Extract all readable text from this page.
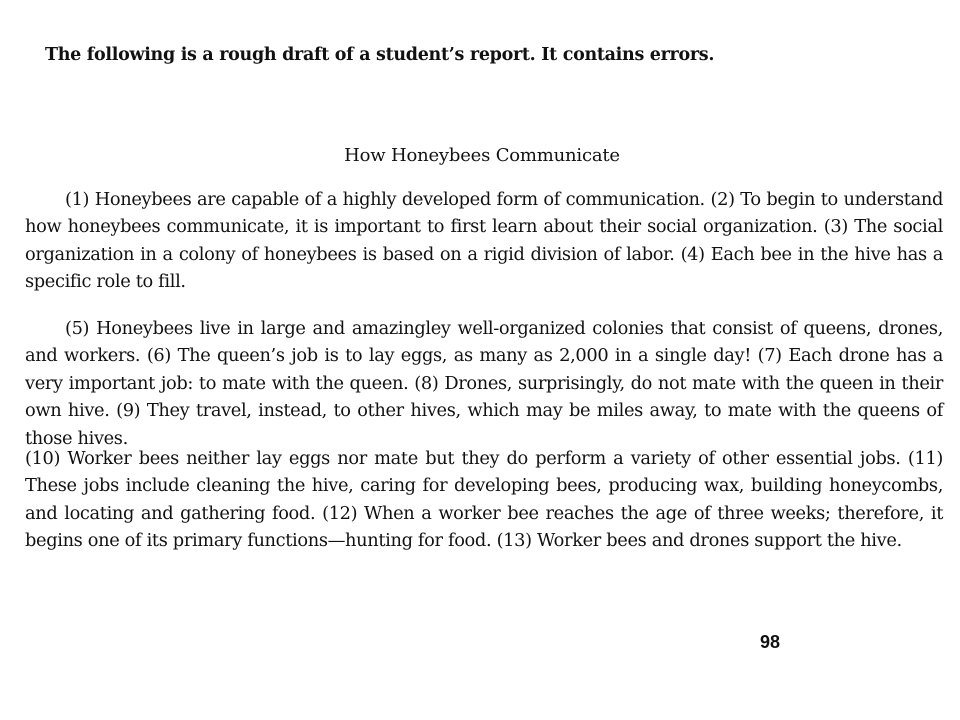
The following is a rough draft of a student’s report. It contains errors.
How Honeybees Communicate

(1) Honeybees are capable of a highly developed form of communication. (2) To begin to understand how honeybees communicate, it is important to first learn about their social organization. (3) The social organization in a colony of honeybees is based on a rigid division of labor. (4) Each bee in the hive has a specific role to fill.

(5) Honeybees live in large and amazingley well-organized colonies that consist of queens, drones, and workers. (6) The queen’s job is to lay eggs, as many as 2,000 in a single day! (7) Each drone has a very important job: to mate with the queen. (8) Drones, surprisingly, do not mate with the queen in their own hive. (9) They travel, instead, to other hives, which may be miles away, to mate with the queens of those hives.

(10) Worker bees neither lay eggs nor mate but they do perform a variety of other essential jobs. (11) These jobs include cleaning the hive, caring for developing bees, producing wax, building honeycombs, and locating and gathering food. (12) When a worker bee reaches the age of three weeks; therefore, it begins one of its primary functions—hunting for food. (13) Worker bees and drones support the hive.

98
